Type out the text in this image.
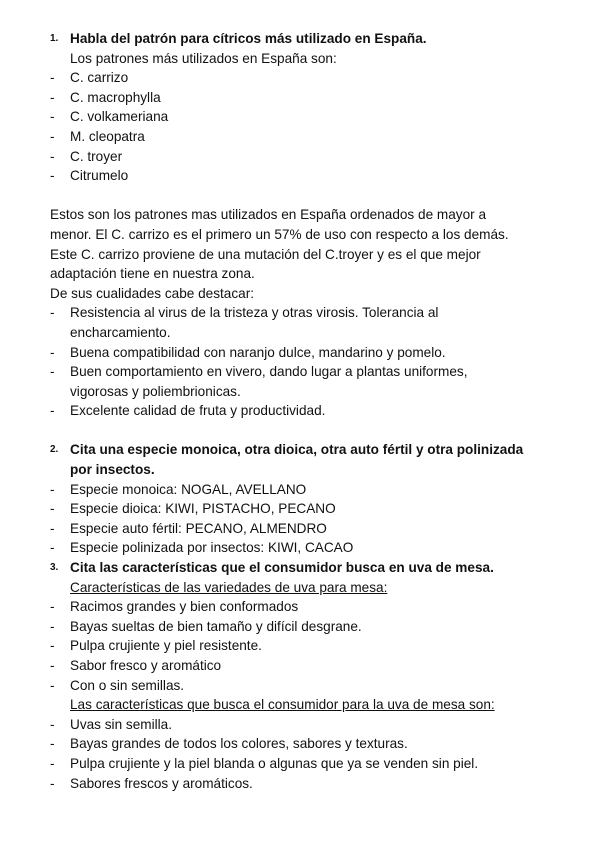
1. Habla del patrón para cítricos más utilizado en España.
Los patrones más utilizados en España son:
- C. carrizo
- C. macrophylla
- C. volkameriana
- M. cleopatra
- C. troyer
- Citrumelo
Estos son los patrones mas utilizados en España ordenados de mayor a
menor. El C. carrizo es el primero un 57% de uso con respecto a los demás.
Este C. carrizo proviene de una mutación del C.troyer y es el que mejor
adaptación tiene en nuestra zona.
De sus cualidades cabe destacar:
- Resistencia al virus de la tristeza y otras virosis. Tolerancia al
encharcamiento.
- Buena compatibilidad con naranjo dulce, mandarino y pomelo.
- Buen comportamiento en vivero, dando lugar a plantas uniformes,
vigorosas y poliembrionicas.
- Excelente calidad de fruta y productividad.
2. Cita una especie monoica, otra dioica, otra auto fértil y otra polinizada
por insectos.
- Especie monoica: NOGAL, AVELLANO
- Especie dioica: KIWI, PISTACHO, PECANO
- Especie auto fértil: PECANO, ALMENDRO
- Especie polinizada por insectos: KIWI, CACAO
3. Cita las características que el consumidor busca en uva de mesa.
Características de las variedades de uva para mesa:
- Racimos grandes y bien conformados
- Bayas sueltas de bien tamaño y difícil desgrane.
- Pulpa crujiente y piel resistente.
- Sabor fresco y aromático
- Con o sin semillas.
Las características que busca el consumidor para la uva de mesa son:
- Uvas sin semilla.
- Bayas grandes de todos los colores, sabores y texturas.
- Pulpa crujiente y la piel blanda o algunas que ya se venden sin piel.
- Sabores frescos y aromáticos.
